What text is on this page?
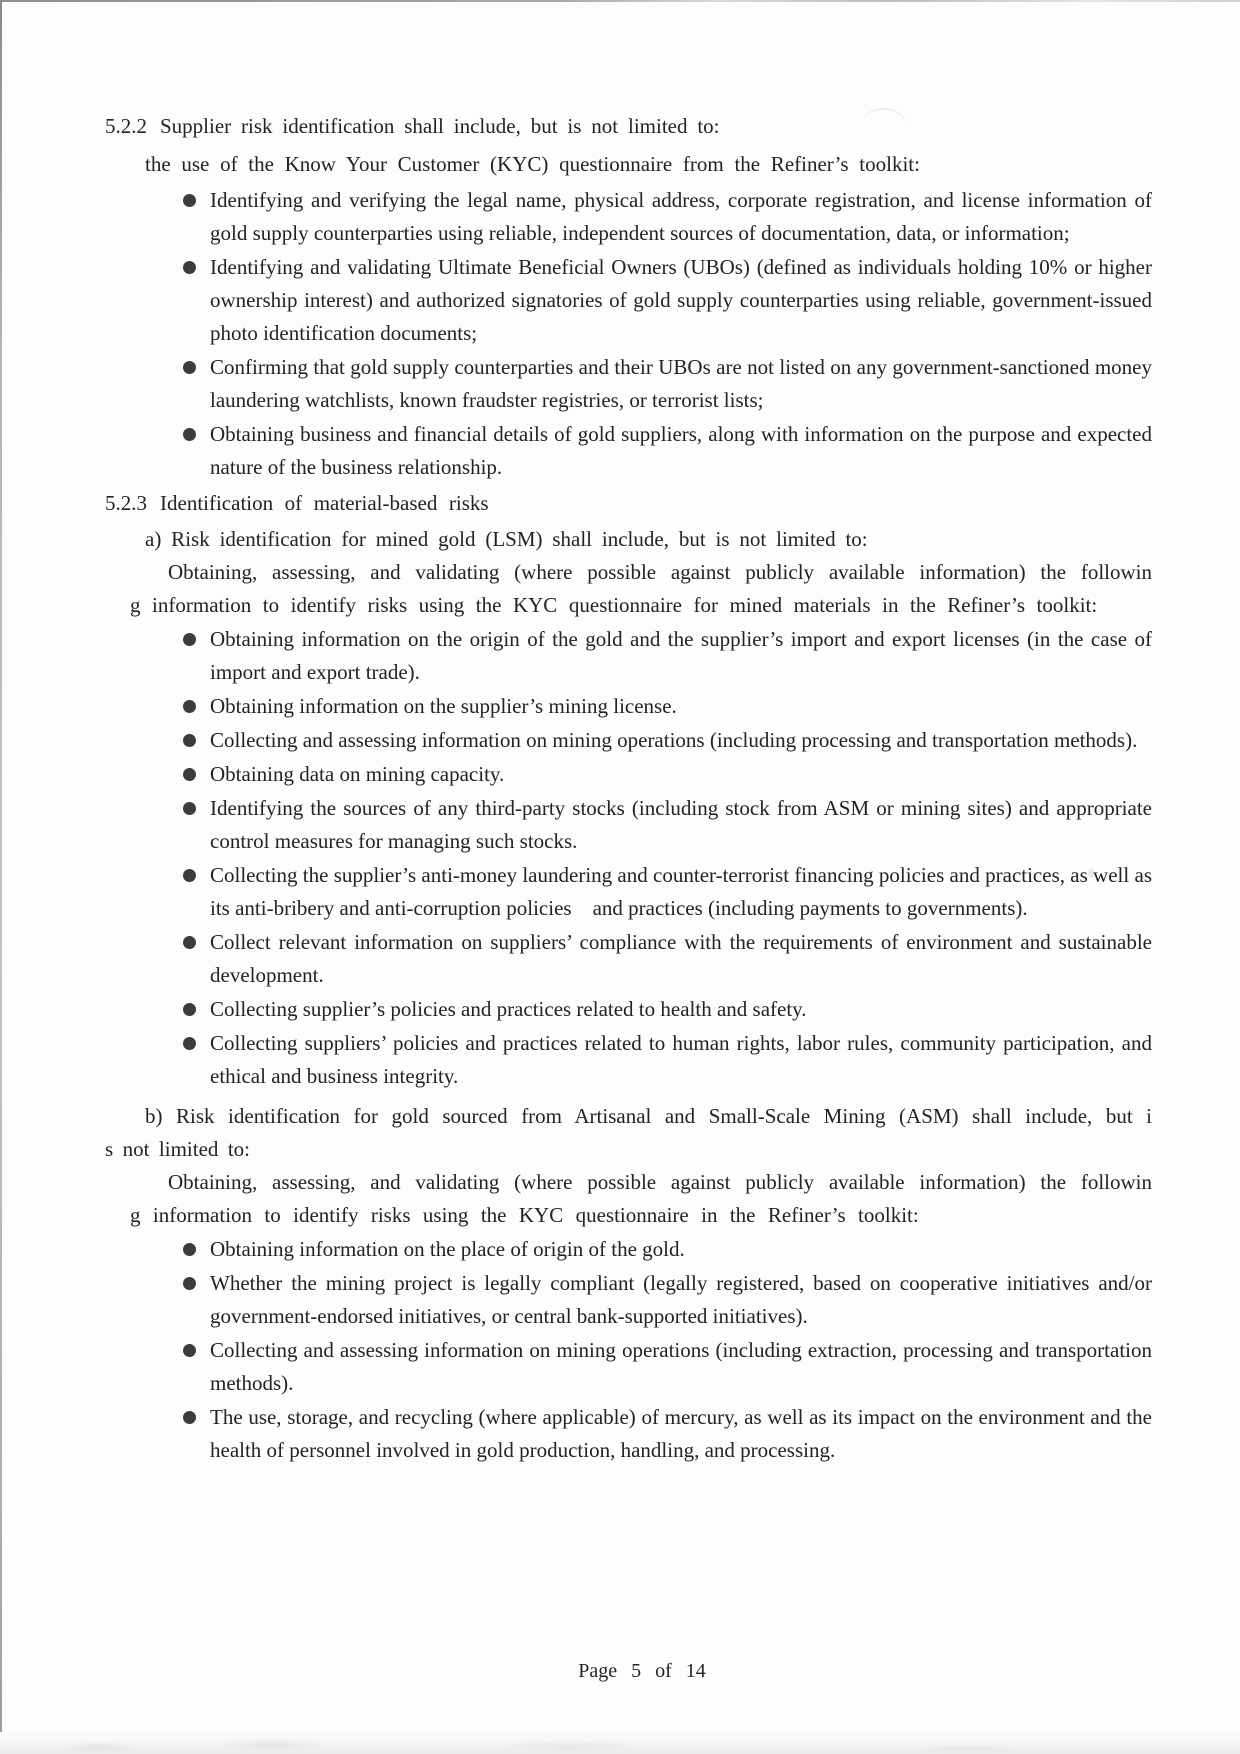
5.2.2 Supplier risk identification shall include, but is not limited to:
the use of the Know Your Customer (KYC) questionnaire from the Refiner’s toolkit:
Identifying and verifying the legal name, physical address, corporate registration, and license information of gold supply counterparties using reliable, independent sources of documentation, data, or information;
Identifying and validating Ultimate Beneficial Owners (UBOs) (defined as individuals holding 10% or higher ownership interest) and authorized signatories of gold supply counterparties using reliable, government-issued photo identification documents;
Confirming that gold supply counterparties and their UBOs are not listed on any government-sanctioned money laundering watchlists, known fraudster registries, or terrorist lists;
Obtaining business and financial details of gold suppliers, along with information on the purpose and expected nature of the business relationship.
5.2.3 Identification of material-based risks
a) Risk identification for mined gold (LSM) shall include, but is not limited to:
Obtaining, assessing, and validating (where possible against publicly available information) the followin
g information to identify risks using the KYC questionnaire for mined materials in the Refiner’s toolkit:
Obtaining information on the origin of the gold and the supplier’s import and export licenses (in the case of import and export trade).
Obtaining information on the supplier’s mining license.
Collecting and assessing information on mining operations (including processing and transportation methods).
Obtaining data on mining capacity.
Identifying the sources of any third-party stocks (including stock from ASM or mining sites) and appropriate control measures for managing such stocks.
Collecting the supplier’s anti-money laundering and counter-terrorist financing policies and practices, as well as its anti-bribery and anti-corruption policies  and practices (including payments to governments).
Collect relevant information on suppliers’ compliance with the requirements of environment and sustainable development.
Collecting supplier’s policies and practices related to health and safety.
Collecting suppliers’ policies and practices related to human rights, labor rules, community participation, and ethical and business integrity.
b) Risk identification for gold sourced from Artisanal and Small-Scale Mining (ASM) shall include, but i
s not limited to:
Obtaining, assessing, and validating (where possible against publicly available information) the followin
g information to identify risks using the KYC questionnaire in the Refiner’s toolkit:
Obtaining information on the place of origin of the gold.
Whether the mining project is legally compliant (legally registered, based on cooperative initiatives and/or government-endorsed initiatives, or central bank-supported initiatives).
Collecting and assessing information on mining operations (including extraction, processing and transportation methods).
The use, storage, and recycling (where applicable) of mercury, as well as its impact on the environment and the health of personnel involved in gold production, handling, and processing.
Page 5 of 14
